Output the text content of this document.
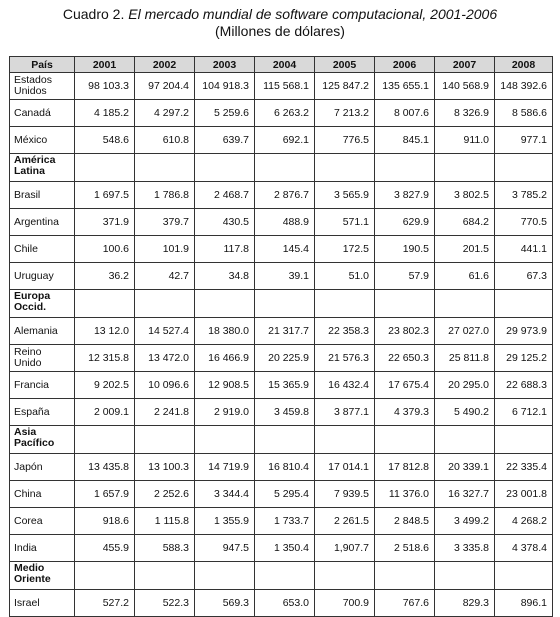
Cuadro 2. El mercado mundial de software computacional, 2001-2006
(Millones de dólares)
País	2001	2002	2003	2004	2005	2006	2007	2008
Estados Unidos	98 103.3	97 204.4	104 918.3	115 568.1	125 847.2	135 655.1	140 568.9	148 392.6
Canadá	4 185.2	4 297.2	5 259.6	6 263.2	7 213.2	8 007.6	8 326.9	8 586.6
México	548.6	610.8	639.7	692.1	776.5	845.1	911.0	977.1
América Latina								
Brasil	1 697.5	1 786.8	2 468.7	2 876.7	3 565.9	3 827.9	3 802.5	3 785.2
Argentina	371.9	379.7	430.5	488.9	571.1	629.9	684.2	770.5
Chile	100.6	101.9	117.8	145.4	172.5	190.5	201.5	441.1
Uruguay	36.2	42.7	34.8	39.1	51.0	57.9	61.6	67.3
Europa Occid.								
Alemania	13 12.0	14 527.4	18 380.0	21 317.7	22 358.3	23 802.3	27 027.0	29 973.9
Reino Unido	12 315.8	13 472.0	16 466.9	20 225.9	21 576.3	22 650.3	25 811.8	29 125.2
Francia	9 202.5	10 096.6	12 908.5	15 365.9	16 432.4	17 675.4	20 295.0	22 688.3
España	2 009.1	2 241.8	2 919.0	3 459.8	3 877.1	4 379.3	5 490.2	6 712.1
Asia Pacífico								
Japón	13 435.8	13 100.3	14 719.9	16 810.4	17 014.1	17 812.8	20 339.1	22 335.4
China	1 657.9	2 252.6	3 344.4	5 295.4	7 939.5	11 376.0	16 327.7	23 001.8
Corea	918.6	1 115.8	1 355.9	1 733.7	2 261.5	2 848.5	3 499.2	4 268.2
India	455.9	588.3	947.5	1 350.4	1,907.7	2 518.6	3 335.8	4 378.4
Medio Oriente								
Israel	527.2	522.3	569.3	653.0	700.9	767.6	829.3	896.1
